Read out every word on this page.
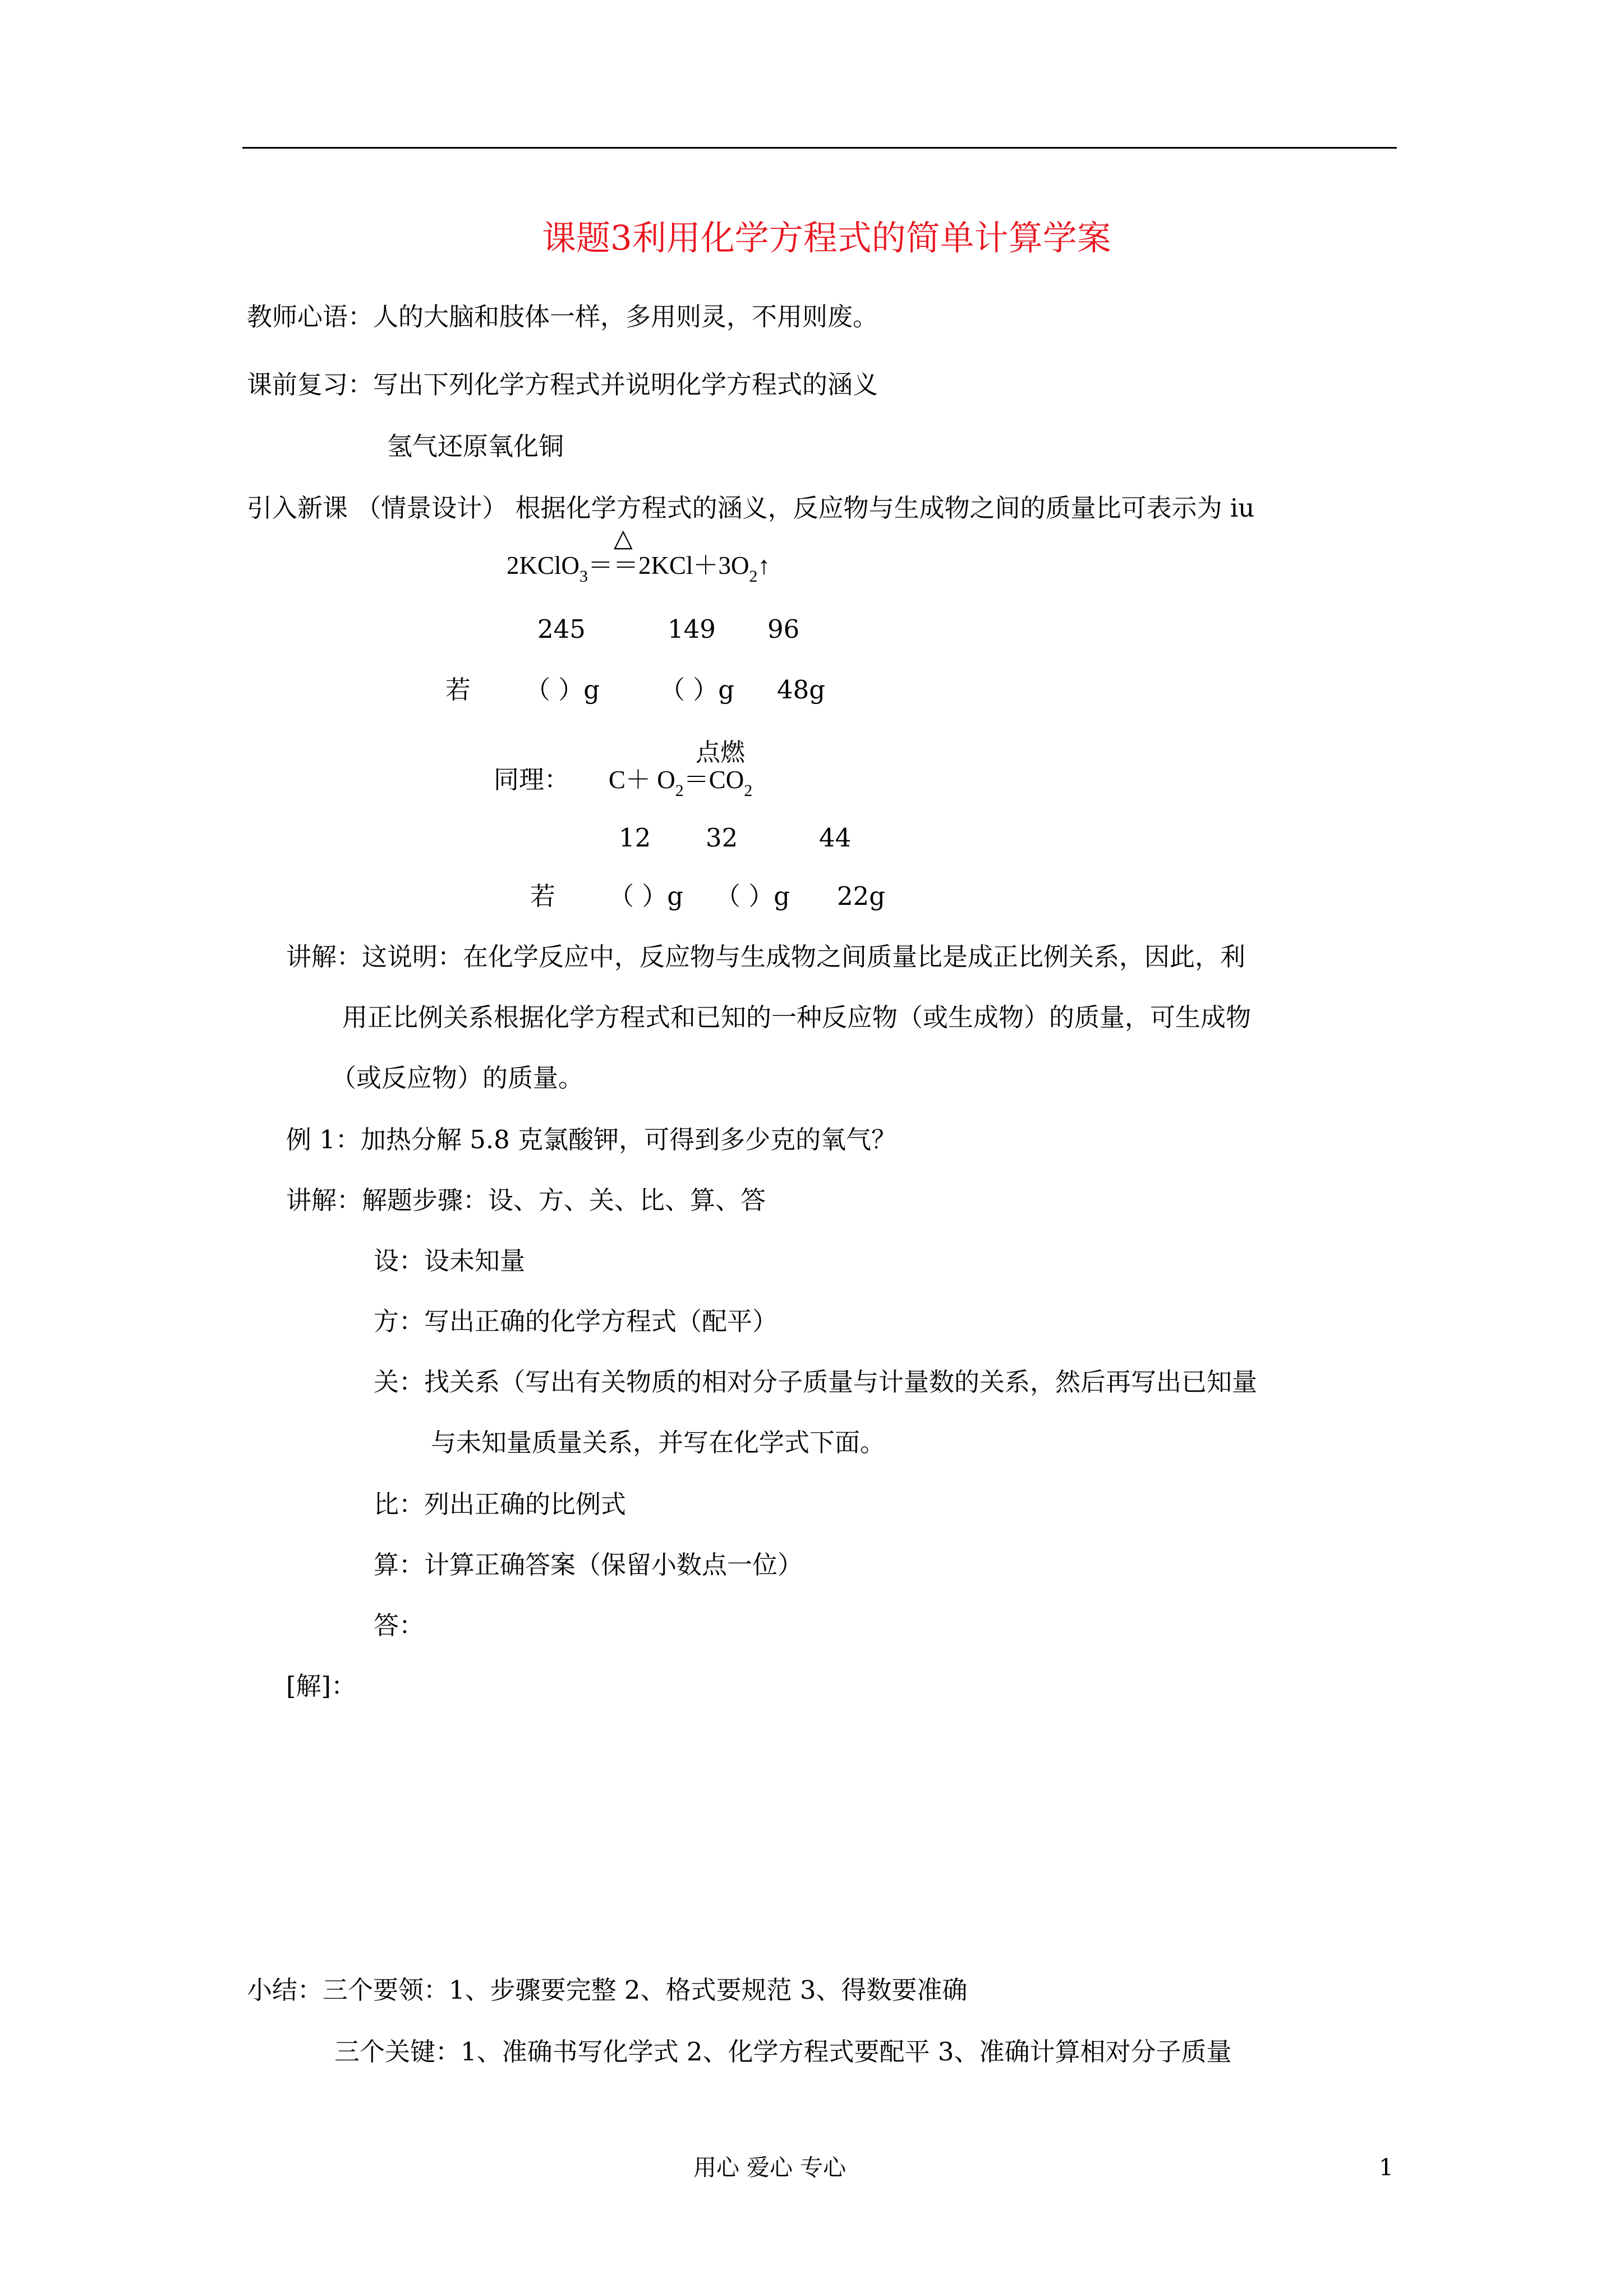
课题3利用化学方程式的简单计算学案
教师心语：人的大脑和肢体一样，多用则灵，不用则废。
课前复习：写出下列化学方程式并说明化学方程式的涵义
氢气还原氧化铜
引入新课 （情景设计） 根据化学方程式的涵义，反应物与生成物之间的质量比可表示为 iu
△
$2KClO_3==2KCl+3O_2↑$
245	149 96
若 （ ）g （ ）g 48g
点燃
同理： $C+ O_2=CO_2$
12 32	44
若 （ ）g （ ）g 22g
讲解：这说明：在化学反应中，反应物与生成物之间质量比是成正比例关系，因此，利
用正比例关系根据化学方程式和已知的一种反应物（或生成物）的质量，可生成物
（或反应物）的质量。
例 1：加热分解 5.8 克氯酸钾，可得到多少克的氧气？
讲解：解题步骤：设、方、关、比、算、答
设：设未知量
方：写出正确的化学方程式（配平）
关：找关系（写出有关物质的相对分子质量与计量数的关系，然后再写出已知量
与未知量质量关系，并写在化学式下面。
比：列出正确的比例式
算：计算正确答案（保留小数点一位）
答：
[解]：
小结：三个要领：1、步骤要完整 2、格式要规范 3、得数要准确
三个关键：1、准确书写化学式 2、化学方程式要配平 3、准确计算相对分子质量
用心 爱心 专心	1
